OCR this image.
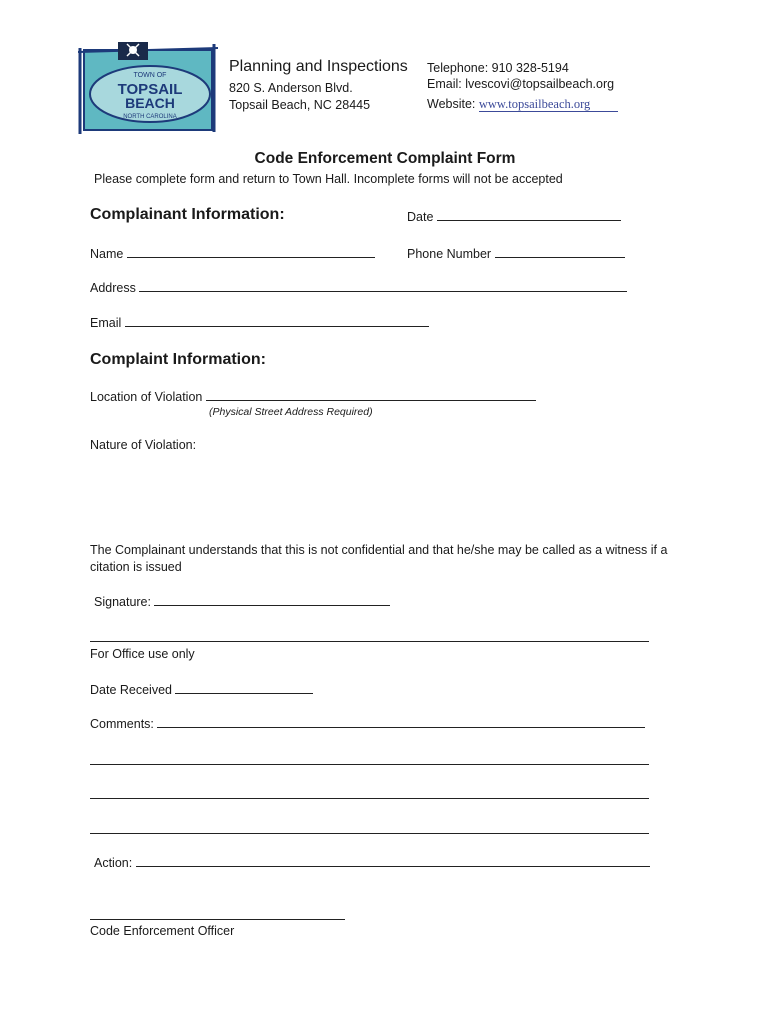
TOWN OF
TOPSAIL
BEACH
NORTH CAROLINA
Planning and Inspections
820 S. Anderson Blvd.
Topsail Beach, NC 28445
Telephone: 910 328-5194
Email: lvescovi@topsailbeach.org
Website: www.topsailbeach.org
Code Enforcement Complaint Form
Please complete form and return to Town Hall. Incomplete forms will not be accepted
Complainant Information:	Date
Name	Phone Number
Address
Email
Complaint Information:
Location of Violation
(Physical Street Address Required)
Nature of Violation:
The Complainant understands that this is not confidential and that he/she may be called as a witness if a citation is issued
Signature:
For Office use only
Date Received
Comments:
Action:
Code Enforcement Officer
